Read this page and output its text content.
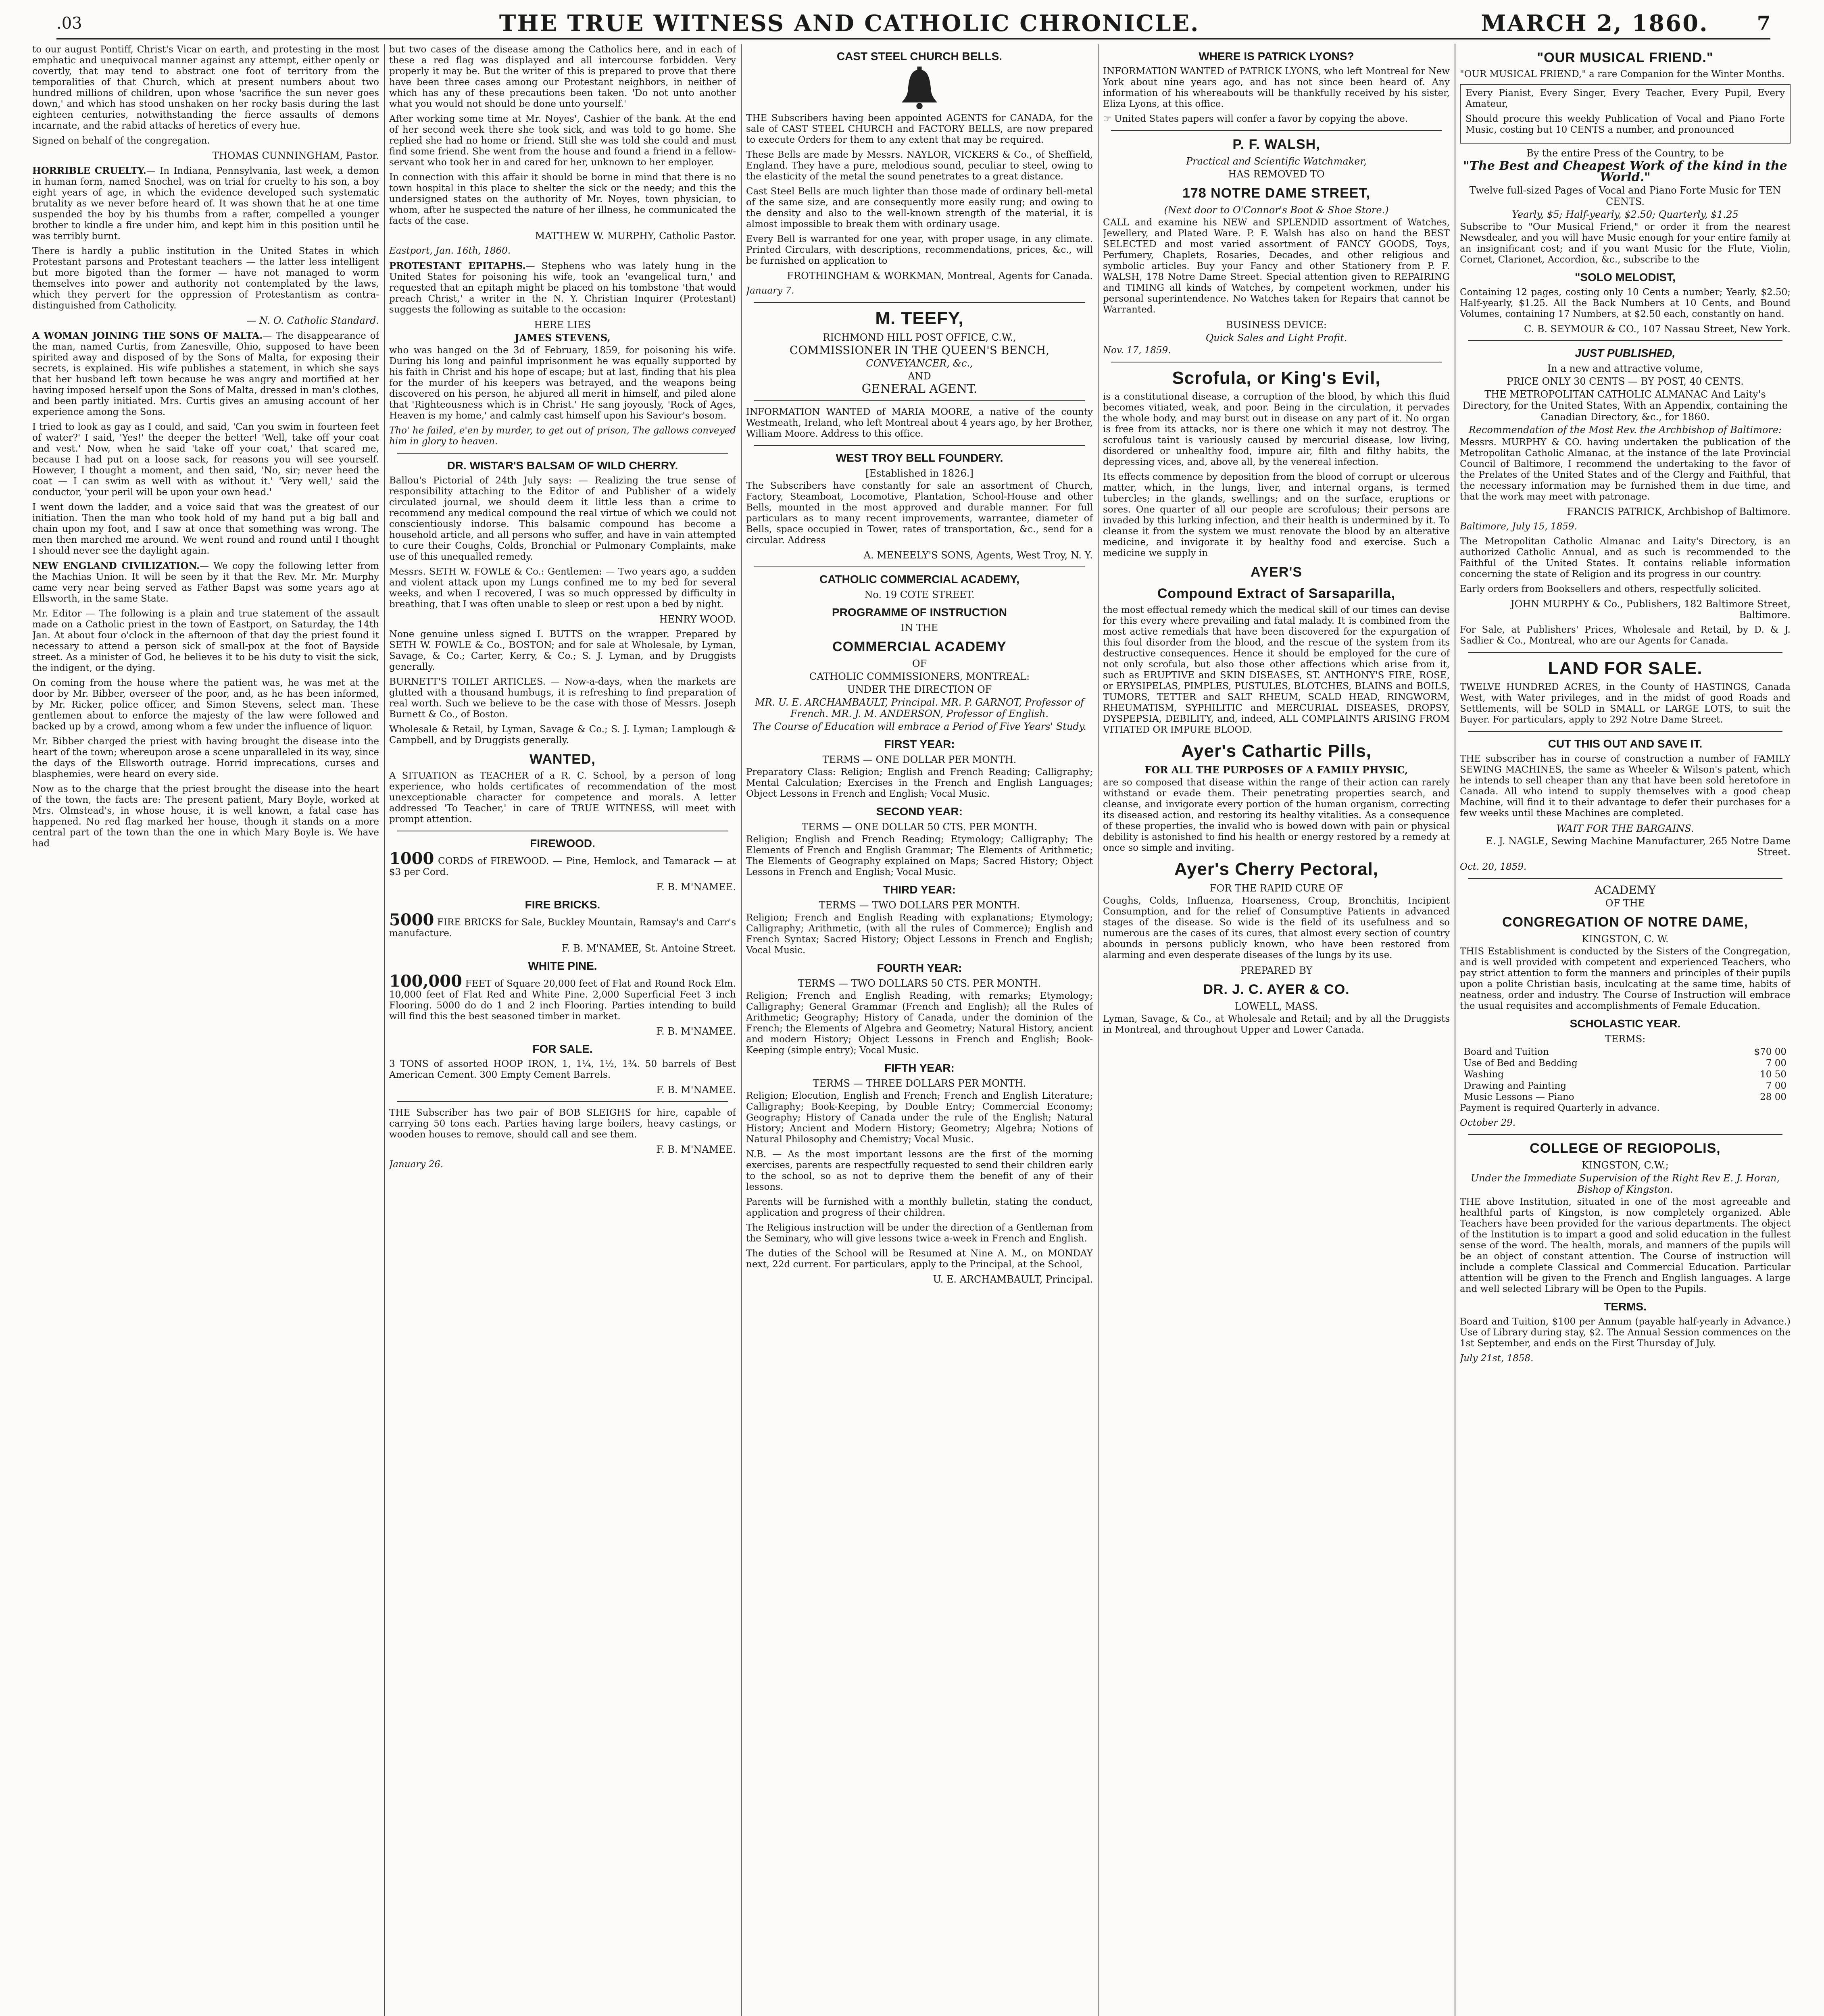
.03	THE TRUE WITNESS AND CATHOLIC CHRONICLE.	MARCH 2, 1860.	7

to our august Pontiff, Christ's Vicar on earth, and protesting in the most emphatic and unequivocal manner against any attempt, either openly or covertly, that may tend to abstract one foot of territory from the temporalities of that Church, which at present numbers about two hundred millions of children, upon whose 'sacrifice the sun never goes down,' and which has stood unshaken on her rocky basis during the last eighteen centuries, notwithstanding the fierce assaults of demons incarnate, and the rabid attacks of heretics of every hue.

Signed on behalf of the congregation.

THOMAS CUNNINGHAM, Pastor.

HORRIBLE CRUELTY.— In Indiana, Pennsylvania, last week, a demon in human form, named Snochel, was on trial for cruelty to his son, a boy eight years of age, in which the evidence developed such systematic brutality as we never before heard of. It was shown that he at one time suspended the boy by his thumbs from a rafter, compelled a younger brother to kindle a fire under him, and kept him in this position until he was terribly burnt.

There is hardly a public institution in the United States in which Protestant parsons and Protestant teachers — the latter less intelligent but more bigoted than the former — have not managed to worm themselves into power and authority not contemplated by the laws, which they pervert for the oppression of Protestantism as contra-distinguished from Catholicity.

— N. O. Catholic Standard.

A WOMAN JOINING THE SONS OF MALTA.— The disappearance of the man, named Curtis, from Zanesville, Ohio, supposed to have been spirited away and disposed of by the Sons of Malta, for exposing their secrets, is explained. His wife publishes a statement, in which she says that her husband left town because he was angry and mortified at her having imposed herself upon the Sons of Malta, dressed in man's clothes, and been partly initiated. Mrs. Curtis gives an amusing account of her experience among the Sons.

I tried to look as gay as I could, and said, 'Can you swim in fourteen feet of water?' I said, 'Yes!' the deeper the better! 'Well, take off your coat and vest.' Now, when he said 'take off your coat,' that scared me, because I had put on a loose sack, for reasons you will see yourself. However, I thought a moment, and then said, 'No, sir; never heed the coat — I can swim as well with as without it.' 'Very well,' said the conductor, 'your peril will be upon your own head.'

I went down the ladder, and a voice said that was the greatest of our initiation. Then the man who took hold of my hand put a big ball and chain upon my foot, and I saw at once that something was wrong. The men then marched me around. We went round and round until I thought I should never see the daylight again.

NEW ENGLAND CIVILIZATION.— We copy the following letter from the Machias Union. It will be seen by it that the Rev. Mr. Mr. Murphy came very near being served as Father Bapst was some years ago at Ellsworth, in the same State.

Mr. Editor — The following is a plain and true statement of the assault made on a Catholic priest in the town of Eastport, on Saturday, the 14th Jan. At about four o'clock in the afternoon of that day the priest found it necessary to attend a person sick of small-pox at the foot of Bayside street. As a minister of God, he believes it to be his duty to visit the sick, the indigent, or the dying.

On coming from the house where the patient was, he was met at the door by Mr. Bibber, overseer of the poor, and, as he has been informed, by Mr. Ricker, police officer, and Simon Stevens, select man. These gentlemen about to enforce the majesty of the law were followed and backed up by a crowd, among whom a few under the influence of liquor.

Mr. Bibber charged the priest with having brought the disease into the heart of the town; whereupon arose a scene unparalleled in its way, since the days of the Ellsworth outrage. Horrid imprecations, curses and blasphemies, were heard on every side.

Now as to the charge that the priest brought the disease into the heart of the town, the facts are: The present patient, Mary Boyle, worked at Mrs. Olmstead's, in whose house, it is well known, a fatal case has happened. No red flag marked her house, though it stands on a more central part of the town than the one in which Mary Boyle is. We have had

but two cases of the disease among the Catholics here, and in each of these a red flag was displayed and all intercourse forbidden. Very properly it may be. But the writer of this is prepared to prove that there have been three cases among our Protestant neighbors, in neither of which has any of these precautions been taken. 'Do not unto another what you would not should be done unto yourself.'

After working some time at Mr. Noyes', Cashier of the bank. At the end of her second week there she took sick, and was told to go home. She replied she had no home or friend. Still she was told she could and must find some friend. She went from the house and found a friend in a fellow-servant who took her in and cared for her, unknown to her employer.

In connection with this affair it should be borne in mind that there is no town hospital in this place to shelter the sick or the needy; and this the undersigned states on the authority of Mr. Noyes, town physician, to whom, after he suspected the nature of her illness, he communicated the facts of the case.

MATTHEW W. MURPHY, Catholic Pastor.

Eastport, Jan. 16th, 1860.

PROTESTANT EPITAPHS.— Stephens who was lately hung in the United States for poisoning his wife, took an 'evangelical turn,' and requested that an epitaph might be placed on his tombstone 'that would preach Christ,' a writer in the N. Y. Christian Inquirer (Protestant) suggests the following as suitable to the occasion:

HERE LIES
JAMES STEVENS,

who was hanged on the 3d of February, 1859, for poisoning his wife. During his long and painful imprisonment he was equally supported by his faith in Christ and his hope of escape; but at last, finding that his plea for the murder of his keepers was betrayed, and the weapons being discovered on his person, he abjured all merit in himself, and piled alone that 'Righteousness which is in Christ.' He sang joyously, 'Rock of Ages, Heaven is my home,' and calmly cast himself upon his Saviour's bosom.

Tho' he failed, e'en by murder, to get out of prison, The gallows conveyed him in glory to heaven.

DR. WISTAR'S BALSAM OF WILD CHERRY.

Ballou's Pictorial of 24th July says: — Realizing the true sense of responsibility attaching to the Editor of and Publisher of a widely circulated journal, we should deem it little less than a crime to recommend any medical compound the real virtue of which we could not conscientiously indorse. This balsamic compound has become a household article, and all persons who suffer, and have in vain attempted to cure their Coughs, Colds, Bronchial or Pulmonary Complaints, make use of this unequalled remedy.

Messrs. SETH W. FOWLE & Co.: Gentlemen: — Two years ago, a sudden and violent attack upon my Lungs confined me to my bed for several weeks, and when I recovered, I was so much oppressed by difficulty in breathing, that I was often unable to sleep or rest upon a bed by night.

HENRY WOOD.

None genuine unless signed I. BUTTS on the wrapper. Prepared by SETH W. FOWLE & Co., BOSTON; and for sale at Wholesale, by Lyman, Savage, & Co.; Carter, Kerry, & Co.; S. J. Lyman, and by Druggists generally.

BURNETT'S TOILET ARTICLES. — Now-a-days, when the markets are glutted with a thousand humbugs, it is refreshing to find preparation of real worth. Such we believe to be the case with those of Messrs. Joseph Burnett & Co., of Boston.

Wholesale & Retail, by Lyman, Savage & Co.; S. J. Lyman; Lamplough & Campbell, and by Druggists generally.

WANTED,

A SITUATION as TEACHER of a R. C. School, by a person of long experience, who holds certificates of recommendation of the most unexceptionable character for competence and morals. A letter addressed 'To Teacher,' in care of TRUE WITNESS, will meet with prompt attention.

FIREWOOD.

1000 CORDS of FIREWOOD. — Pine, Hemlock, and Tamarack — at $3 per Cord.

F. B. M'NAMEE.

FIRE BRICKS.

5000 FIRE BRICKS for Sale, Buckley Mountain, Ramsay's and Carr's manufacture.

F. B. M'NAMEE, St. Antoine Street.

WHITE PINE.

100,000 FEET of Square 20,000 feet of Flat and Round Rock Elm. 10,000 feet of Flat Red and White Pine. 2,000 Superficial Feet 3 inch Flooring. 5000 do do 1 and 2 inch Flooring. Parties intending to build will find this the best seasoned timber in market.

F. B. M'NAMEE.

FOR SALE.

3 TONS of assorted HOOP IRON, 1, 1¼, 1½, 1¾. 50 barrels of Best American Cement. 300 Empty Cement Barrels.

F. B. M'NAMEE.

THE Subscriber has two pair of BOB SLEIGHS for hire, capable of carrying 50 tons each. Parties having large boilers, heavy castings, or wooden houses to remove, should call and see them.

F. B. M'NAMEE.

January 26.

CAST STEEL CHURCH BELLS.

THE Subscribers having been appointed AGENTS for CANADA, for the sale of CAST STEEL CHURCH and FACTORY BELLS, are now prepared to execute Orders for them to any extent that may be required.

These Bells are made by Messrs. NAYLOR, VICKERS & Co., of Sheffield, England. They have a pure, melodious sound, peculiar to steel, owing to the elasticity of the metal the sound penetrates to a great distance.

Cast Steel Bells are much lighter than those made of ordinary bell-metal of the same size, and are consequently more easily rung; and owing to the density and also to the well-known strength of the material, it is almost impossible to break them with ordinary usage.

Every Bell is warranted for one year, with proper usage, in any climate. Printed Circulars, with descriptions, recommendations, prices, &c., will be furnished on application to

FROTHINGHAM & WORKMAN, Montreal, Agents for Canada.

January 7.

M. TEEFY,
RICHMOND HILL POST OFFICE, C.W.,
COMMISSIONER IN THE QUEEN'S BENCH,
CONVEYANCER, &c.,
AND
GENERAL AGENT.

INFORMATION WANTED of MARIA MOORE, a native of the county Westmeath, Ireland, who left Montreal about 4 years ago, by her Brother, William Moore. Address to this office.

WEST TROY BELL FOUNDERY.
[Established in 1826.]

The Subscribers have constantly for sale an assortment of Church, Factory, Steamboat, Locomotive, Plantation, School-House and other Bells, mounted in the most approved and durable manner. For full particulars as to many recent improvements, warrantee, diameter of Bells, space occupied in Tower, rates of transportation, &c., send for a circular. Address

A. MENEELY'S SONS, Agents, West Troy, N. Y.

CATHOLIC COMMERCIAL ACADEMY,
No. 19 COTE STREET.
PROGRAMME OF INSTRUCTION
IN THE
COMMERCIAL ACADEMY
OF
CATHOLIC COMMISSIONERS, MONTREAL:
UNDER THE DIRECTION OF

MR. U. E. ARCHAMBAULT, Principal. MR. P. GARNOT, Professor of French. MR. J. M. ANDERSON, Professor of English.

The Course of Education will embrace a Period of Five Years' Study.

FIRST YEAR:
TERMS — ONE DOLLAR PER MONTH.

Preparatory Class: Religion; English and French Reading; Calligraphy; Mental Calculation; Exercises in the French and English Languages; Object Lessons in French and English; Vocal Music.

SECOND YEAR:
TERMS — ONE DOLLAR 50 CTS. PER MONTH.

Religion; English and French Reading; Etymology; Calligraphy; The Elements of French and English Grammar; The Elements of Arithmetic; The Elements of Geography explained on Maps; Sacred History; Object Lessons in French and English; Vocal Music.

THIRD YEAR:
TERMS — TWO DOLLARS PER MONTH.

Religion; French and English Reading with explanations; Etymology; Calligraphy; Arithmetic, (with all the rules of Commerce); English and French Syntax; Sacred History; Object Lessons in French and English; Vocal Music.

FOURTH YEAR:
TERMS — TWO DOLLARS 50 CTS. PER MONTH.

Religion; French and English Reading, with remarks; Etymology; Calligraphy; General Grammar (French and English); all the Rules of Arithmetic; Geography; History of Canada, under the dominion of the French; the Elements of Algebra and Geometry; Natural History, ancient and modern History; Object Lessons in French and English; Book-Keeping (simple entry); Vocal Music.

FIFTH YEAR:
TERMS — THREE DOLLARS PER MONTH.

Religion; Elocution, English and French; French and English Literature; Calligraphy; Book-Keeping, by Double Entry; Commercial Economy; Geography; History of Canada under the rule of the English; Natural History; Ancient and Modern History; Geometry; Algebra; Notions of Natural Philosophy and Chemistry; Vocal Music.

N.B. — As the most important lessons are the first of the morning exercises, parents are respectfully requested to send their children early to the school, so as not to deprive them the benefit of any of their lessons.

Parents will be furnished with a monthly bulletin, stating the conduct, application and progress of their children.

The Religious instruction will be under the direction of a Gentleman from the Seminary, who will give lessons twice a-week in French and English.

The duties of the School will be Resumed at Nine A. M., on MONDAY next, 22d current. For particulars, apply to the Principal, at the School,

U. E. ARCHAMBAULT, Principal.

WHERE IS PATRICK LYONS?

INFORMATION WANTED of PATRICK LYONS, who left Montreal for New York about nine years ago, and has not since been heard of. Any information of his whereabouts will be thankfully received by his sister, Eliza Lyons, at this office.

☞ United States papers will confer a favor by copying the above.

P. F. WALSH,
Practical and Scientific Watchmaker,
HAS REMOVED TO
178 NOTRE DAME STREET,
(Next door to O'Connor's Boot & Shoe Store.)

CALL and examine his NEW and SPLENDID assortment of Watches, Jewellery, and Plated Ware. P. F. Walsh has also on hand the BEST SELECTED and most varied assortment of FANCY GOODS, Toys, Perfumery, Chaplets, Rosaries, Decades, and other religious and symbolic articles. Buy your Fancy and other Stationery from P. F. WALSH, 178 Notre Dame Street. Special attention given to REPAIRING and TIMING all kinds of Watches, by competent workmen, under his personal superintendence. No Watches taken for Repairs that cannot be Warranted.

BUSINESS DEVICE:
Quick Sales and Light Profit.

Nov. 17, 1859.

Scrofula, or King's Evil,

is a constitutional disease, a corruption of the blood, by which this fluid becomes vitiated, weak, and poor. Being in the circulation, it pervades the whole body, and may burst out in disease on any part of it. No organ is free from its attacks, nor is there one which it may not destroy. The scrofulous taint is variously caused by mercurial disease, low living, disordered or unhealthy food, impure air, filth and filthy habits, the depressing vices, and, above all, by the venereal infection.

Its effects commence by deposition from the blood of corrupt or ulcerous matter, which, in the lungs, liver, and internal organs, is termed tubercles; in the glands, swellings; and on the surface, eruptions or sores. One quarter of all our people are scrofulous; their persons are invaded by this lurking infection, and their health is undermined by it. To cleanse it from the system we must renovate the blood by an alterative medicine, and invigorate it by healthy food and exercise. Such a medicine we supply in

AYER'S
Compound Extract of Sarsaparilla,

the most effectual remedy which the medical skill of our times can devise for this every where prevailing and fatal malady. It is combined from the most active remedials that have been discovered for the expurgation of this foul disorder from the blood, and the rescue of the system from its destructive consequences. Hence it should be employed for the cure of not only scrofula, but also those other affections which arise from it, such as ERUPTIVE and SKIN DISEASES, ST. ANTHONY'S FIRE, ROSE, or ERYSIPELAS, PIMPLES, PUSTULES, BLOTCHES, BLAINS and BOILS, TUMORS, TETTER and SALT RHEUM, SCALD HEAD, RINGWORM, RHEUMATISM, SYPHILITIC and MERCURIAL DISEASES, DROPSY, DYSPEPSIA, DEBILITY, and, indeed, ALL COMPLAINTS ARISING FROM VITIATED OR IMPURE BLOOD.

Ayer's Cathartic Pills,
FOR ALL THE PURPOSES OF A FAMILY PHYSIC,

are so composed that disease within the range of their action can rarely withstand or evade them. Their penetrating properties search, and cleanse, and invigorate every portion of the human organism, correcting its diseased action, and restoring its healthy vitalities. As a consequence of these properties, the invalid who is bowed down with pain or physical debility is astonished to find his health or energy restored by a remedy at once so simple and inviting.

Ayer's Cherry Pectoral,
FOR THE RAPID CURE OF

Coughs, Colds, Influenza, Hoarseness, Croup, Bronchitis, Incipient Consumption, and for the relief of Consumptive Patients in advanced stages of the disease. So wide is the field of its usefulness and so numerous are the cases of its cures, that almost every section of country abounds in persons publicly known, who have been restored from alarming and even desperate diseases of the lungs by its use.

PREPARED BY
DR. J. C. AYER & CO.
LOWELL, MASS.

Lyman, Savage, & Co., at Wholesale and Retail; and by all the Druggists in Montreal, and throughout Upper and Lower Canada.

"OUR MUSICAL FRIEND."

"OUR MUSICAL FRIEND," a rare Companion for the Winter Months.

Every Pianist, Every Singer, Every Teacher, Every Pupil, Every Amateur,

Should procure this weekly Publication of Vocal and Piano Forte Music, costing but 10 CENTS a number, and pronounced

By the entire Press of the Country, to be
"The Best and Cheapest Work of the kind in the World."

Twelve full-sized Pages of Vocal and Piano Forte Music for TEN CENTS.

Yearly, $5; Half-yearly, $2.50; Quarterly, $1.25

Subscribe to "Our Musical Friend," or order it from the nearest Newsdealer, and you will have Music enough for your entire family at an insignificant cost; and if you want Music for the Flute, Violin, Cornet, Clarionet, Accordion, &c., subscribe to the

"SOLO MELODIST,

Containing 12 pages, costing only 10 Cents a number; Yearly, $2.50; Half-yearly, $1.25. All the Back Numbers at 10 Cents, and Bound Volumes, containing 17 Numbers, at $2.50 each, constantly on hand.

C. B. SEYMOUR & CO., 107 Nassau Street, New York.

JUST PUBLISHED,
In a new and attractive volume,
PRICE ONLY 30 CENTS — BY POST, 40 CENTS.

THE METROPOLITAN CATHOLIC ALMANAC And Laity's Directory, for the United States, With an Appendix, containing the Canadian Directory, &c., for 1860.

Recommendation of the Most Rev. the Archbishop of Baltimore:

Messrs. MURPHY & CO. having undertaken the publication of the Metropolitan Catholic Almanac, at the instance of the late Provincial Council of Baltimore, I recommend the undertaking to the favor of the Prelates of the United States and of the Clergy and Faithful, that the necessary information may be furnished them in due time, and that the work may meet with patronage.

FRANCIS PATRICK, Archbishop of Baltimore.

Baltimore, July 15, 1859.

The Metropolitan Catholic Almanac and Laity's Directory, is an authorized Catholic Annual, and as such is recommended to the Faithful of the United States. It contains reliable information concerning the state of Religion and its progress in our country.

Early orders from Booksellers and others, respectfully solicited.

JOHN MURPHY & Co., Publishers, 182 Baltimore Street, Baltimore.

For Sale, at Publishers' Prices, Wholesale and Retail, by D. & J. Sadlier & Co., Montreal, who are our Agents for Canada.

LAND FOR SALE.

TWELVE HUNDRED ACRES, in the County of HASTINGS, Canada West, with Water privileges, and in the midst of good Roads and Settlements, will be SOLD in SMALL or LARGE LOTS, to suit the Buyer. For particulars, apply to 292 Notre Dame Street.

CUT THIS OUT AND SAVE IT.

THE subscriber has in course of construction a number of FAMILY SEWING MACHINES, the same as Wheeler & Wilson's patent, which he intends to sell cheaper than any that have been sold heretofore in Canada. All who intend to supply themselves with a good cheap Machine, will find it to their advantage to defer their purchases for a few weeks until these Machines are completed.

WAIT FOR THE BARGAINS.

E. J. NAGLE, Sewing Machine Manufacturer, 265 Notre Dame Street.

Oct. 20, 1859.

ACADEMY
OF THE
CONGREGATION OF NOTRE DAME,
KINGSTON, C. W.

THIS Establishment is conducted by the Sisters of the Congregation, and is well provided with competent and experienced Teachers, who pay strict attention to form the manners and principles of their pupils upon a polite Christian basis, inculcating at the same time, habits of neatness, order and industry. The Course of Instruction will embrace the usual requisites and accomplishments of Female Education.

SCHOLASTIC YEAR.
TERMS:
Board and Tuition	$70 00
Use of Bed and Bedding	7 00
Washing	10 50
Drawing and Painting	7 00
Music Lessons — Piano	28 00

Payment is required Quarterly in advance.

October 29.

COLLEGE OF REGIOPOLIS,
KINGSTON, C.W.;

Under the Immediate Supervision of the Right Rev E. J. Horan, Bishop of Kingston.

THE above Institution, situated in one of the most agreeable and healthful parts of Kingston, is now completely organized. Able Teachers have been provided for the various departments. The object of the Institution is to impart a good and solid education in the fullest sense of the word. The health, morals, and manners of the pupils will be an object of constant attention. The Course of instruction will include a complete Classical and Commercial Education. Particular attention will be given to the French and English languages. A large and well selected Library will be Open to the Pupils.

TERMS.

Board and Tuition, $100 per Annum (payable half-yearly in Advance.) Use of Library during stay, $2. The Annual Session commences on the 1st September, and ends on the First Thursday of July.

July 21st, 1858.
